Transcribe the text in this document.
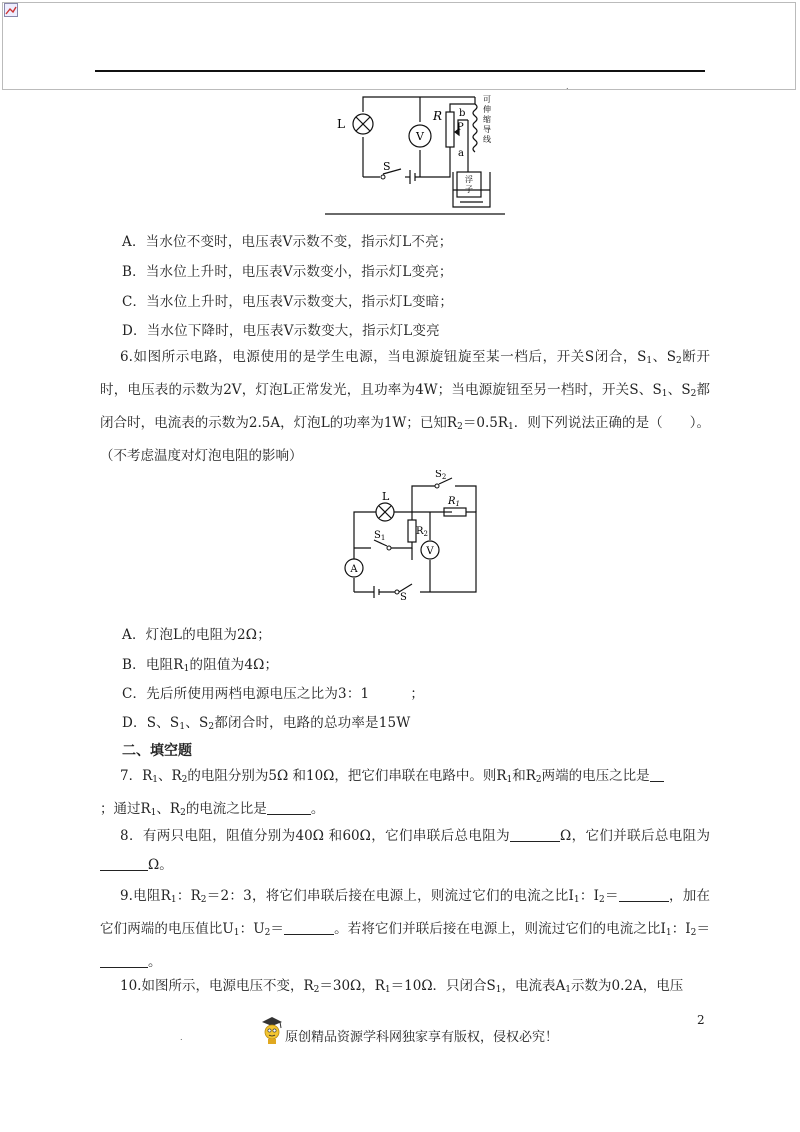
.
V
L
R b
P
a
S
可
伸
缩
导
线
浮
子
A．当水位不变时，电压表V示数不变，指示灯L不亮；
B．当水位上升时，电压表V示数变小，指示灯L变亮；
C．当水位上升时，电压表V示数变大，指示灯L变暗；
D．当水位下降时，电压表V示数变大，指示灯L变亮
6.如图所示电路，电源使用的是学生电源，当电源旋钮旋至某一档后，开关S闭合，$S_1$、$S_2$断开时，电压表的示数为2V，灯泡L正常发光，且功率为4W；当电源旋钮至另一档时，开关S、$S_1$、$S_2$都闭合时，电流表的示数为2.5A，灯泡L的功率为1W；已知$R_2=0.5R_1$．则下列说法正确的是（　　）。（不考虑温度对灯泡电阻的影响）
V
A
L
$S_2$
$R_1$
$R_2$
$S_1$
S
A．灯泡L的电阻为2Ω；
B．电阻$R_1$的阻值为4Ω；
C．先后所使用两档电源电压之比为3：1　　　；
D．S、$S_1$、$S_2$都闭合时，电路的总功率是15W
二、填空题
7．$R_1$、$R_2$的电阻分别为5Ω 和10Ω，把它们串联在电路中。则$R_1$和$R_2$两端的电压之比是
；通过$R_1$、$R_2$的电流之比是	。
8．有两只电阻，阻值分别为40Ω 和60Ω，它们串联后总电阻为	Ω，它们并联后总电阻为Ω。
9.电阻$R_1$：$R_2=2$：3，将它们串联后接在电源上，则流过它们的电流之比$I_1$：$I_2=$	，加在它们两端的电压值比$U_1$：$U_2=$	。若将它们并联后接在电源上，则流过它们的电流之比$I_1$：$I_2=$。
10.如图所示，电源电压不变，$R_2=30\Omega$，$R_1=10\Omega$．只闭合$S_1$，电流表$A_1$示数为0.2A，电压
2
.	原创精品资源学科网独家享有版权，侵权必究！
